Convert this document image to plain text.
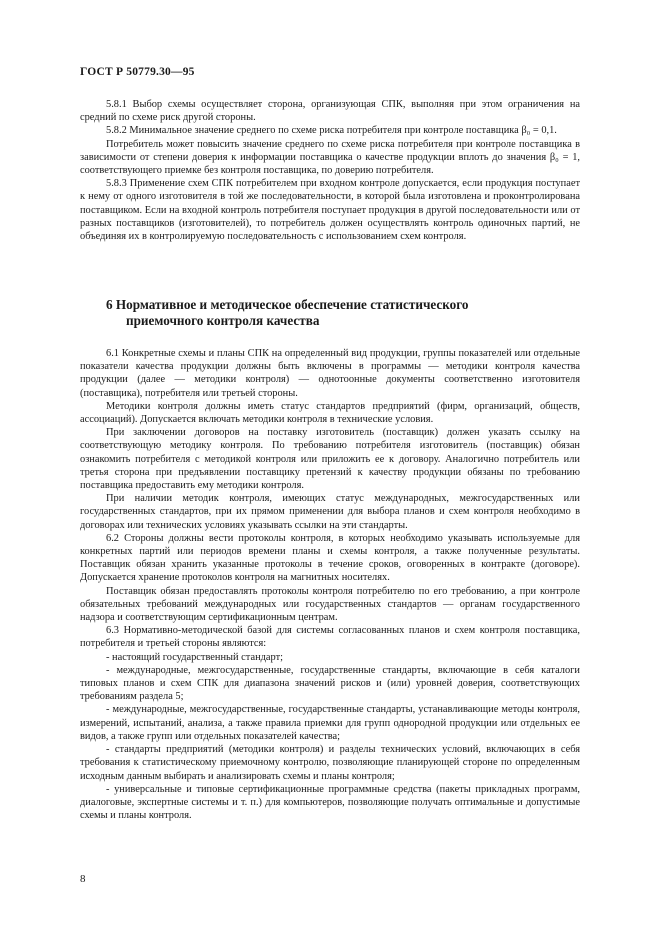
ГОСТ Р 50779.30—95

5.8.1 Выбор схемы осуществляет сторона, организующая СПК, выполняя при этом ограничения на средний по схеме риск другой стороны.

5.8.2 Минимальное значение среднего по схеме риска потребителя при контроле поставщика β₀ = 0,1.

Потребитель может повысить значение среднего по схеме риска потребителя при контроле поставщика в зависимости от степени доверия к информации поставщика о качестве продукции вплоть до значения β₀ = 1, соответствующего приемке без контроля поставщика, по доверию потребителя.

5.8.3 Применение схем СПК потребителем при входном контроле допускается, если продукция поступает к нему от одного изготовителя в той же последовательности, в которой была изготовлена и проконтролирована поставщиком. Если на входной контроль потребителя поступает продукция в другой последовательности или от разных поставщиков (изготовителей), то потребитель должен осуществлять контроль одиночных партий, не объединяя их в контролируемую последовательность с использованием схем контроля.

6 Нормативное и методическое обеспечение статистического
приемочного контроля качества

6.1 Конкретные схемы и планы СПК на определенный вид продукции, группы показателей или отдельные показатели качества продукции должны быть включены в программы — методики контроля качества продукции (далее — методики контроля) — однотоонные документы соответственно изготовителя (поставщика), потребителя или третьей стороны.

Методики контроля должны иметь статус стандартов предприятий (фирм, организаций, обществ, ассоциаций). Допускается включать методики контроля в технические условия.

При заключении договоров на поставку изготовитель (поставщик) должен указать ссылку на соответствующую методику контроля. По требованию потребителя изготовитель (поставщик) обязан ознакомить потребителя с методикой контроля или приложить ее к договору. Аналогично потребитель или третья сторона при предъявлении поставщику претензий к качеству продукции обязаны по требованию поставщика предоставить ему методики контроля.

При наличии методик контроля, имеющих статус международных, межгосударственных или государственных стандартов, при их прямом применении для выбора планов и схем контроля необходимо в договорах или технических условиях указывать ссылки на эти стандарты.

6.2 Стороны должны вести протоколы контроля, в которых необходимо указывать используемые для конкретных партий или периодов времени планы и схемы контроля, а также полученные результаты. Поставщик обязан хранить указанные протоколы в течение сроков, оговоренных в контракте (договоре). Допускается хранение протоколов контроля на магнитных носителях.

Поставщик обязан предоставлять протоколы контроля потребителю по его требованию, а при контроле обязательных требований международных или государственных стандартов — органам государственного надзора и соответствующим сертификационным центрам.

6.3 Нормативно-методической базой для системы согласованных планов и схем контроля поставщика, потребителя и третьей стороны являются:

- настоящий государственный стандарт;

- международные, межгосударственные, государственные стандарты, включающие в себя каталоги типовых планов и схем СПК для диапазона значений рисков и (или) уровней доверия, соответствующих требованиям раздела 5;

- международные, межгосударственные, государственные стандарты, устанавливающие методы контроля, измерений, испытаний, анализа, а также правила приемки для групп однородной продукции или отдельных ее видов, а также групп или отдельных показателей качества;

- стандарты предприятий (методики контроля) и разделы технических условий, включающих в себя требования к статистическому приемочному контролю, позволяющие планирующей стороне по определенным исходным данным выбирать и анализировать схемы и планы контроля;

- универсальные и типовые сертификационные программные средства (пакеты прикладных программ, диалоговые, экспертные системы и т. п.) для компьютеров, позволяющие получать оптимальные и допустимые схемы и планы контроля.

8
